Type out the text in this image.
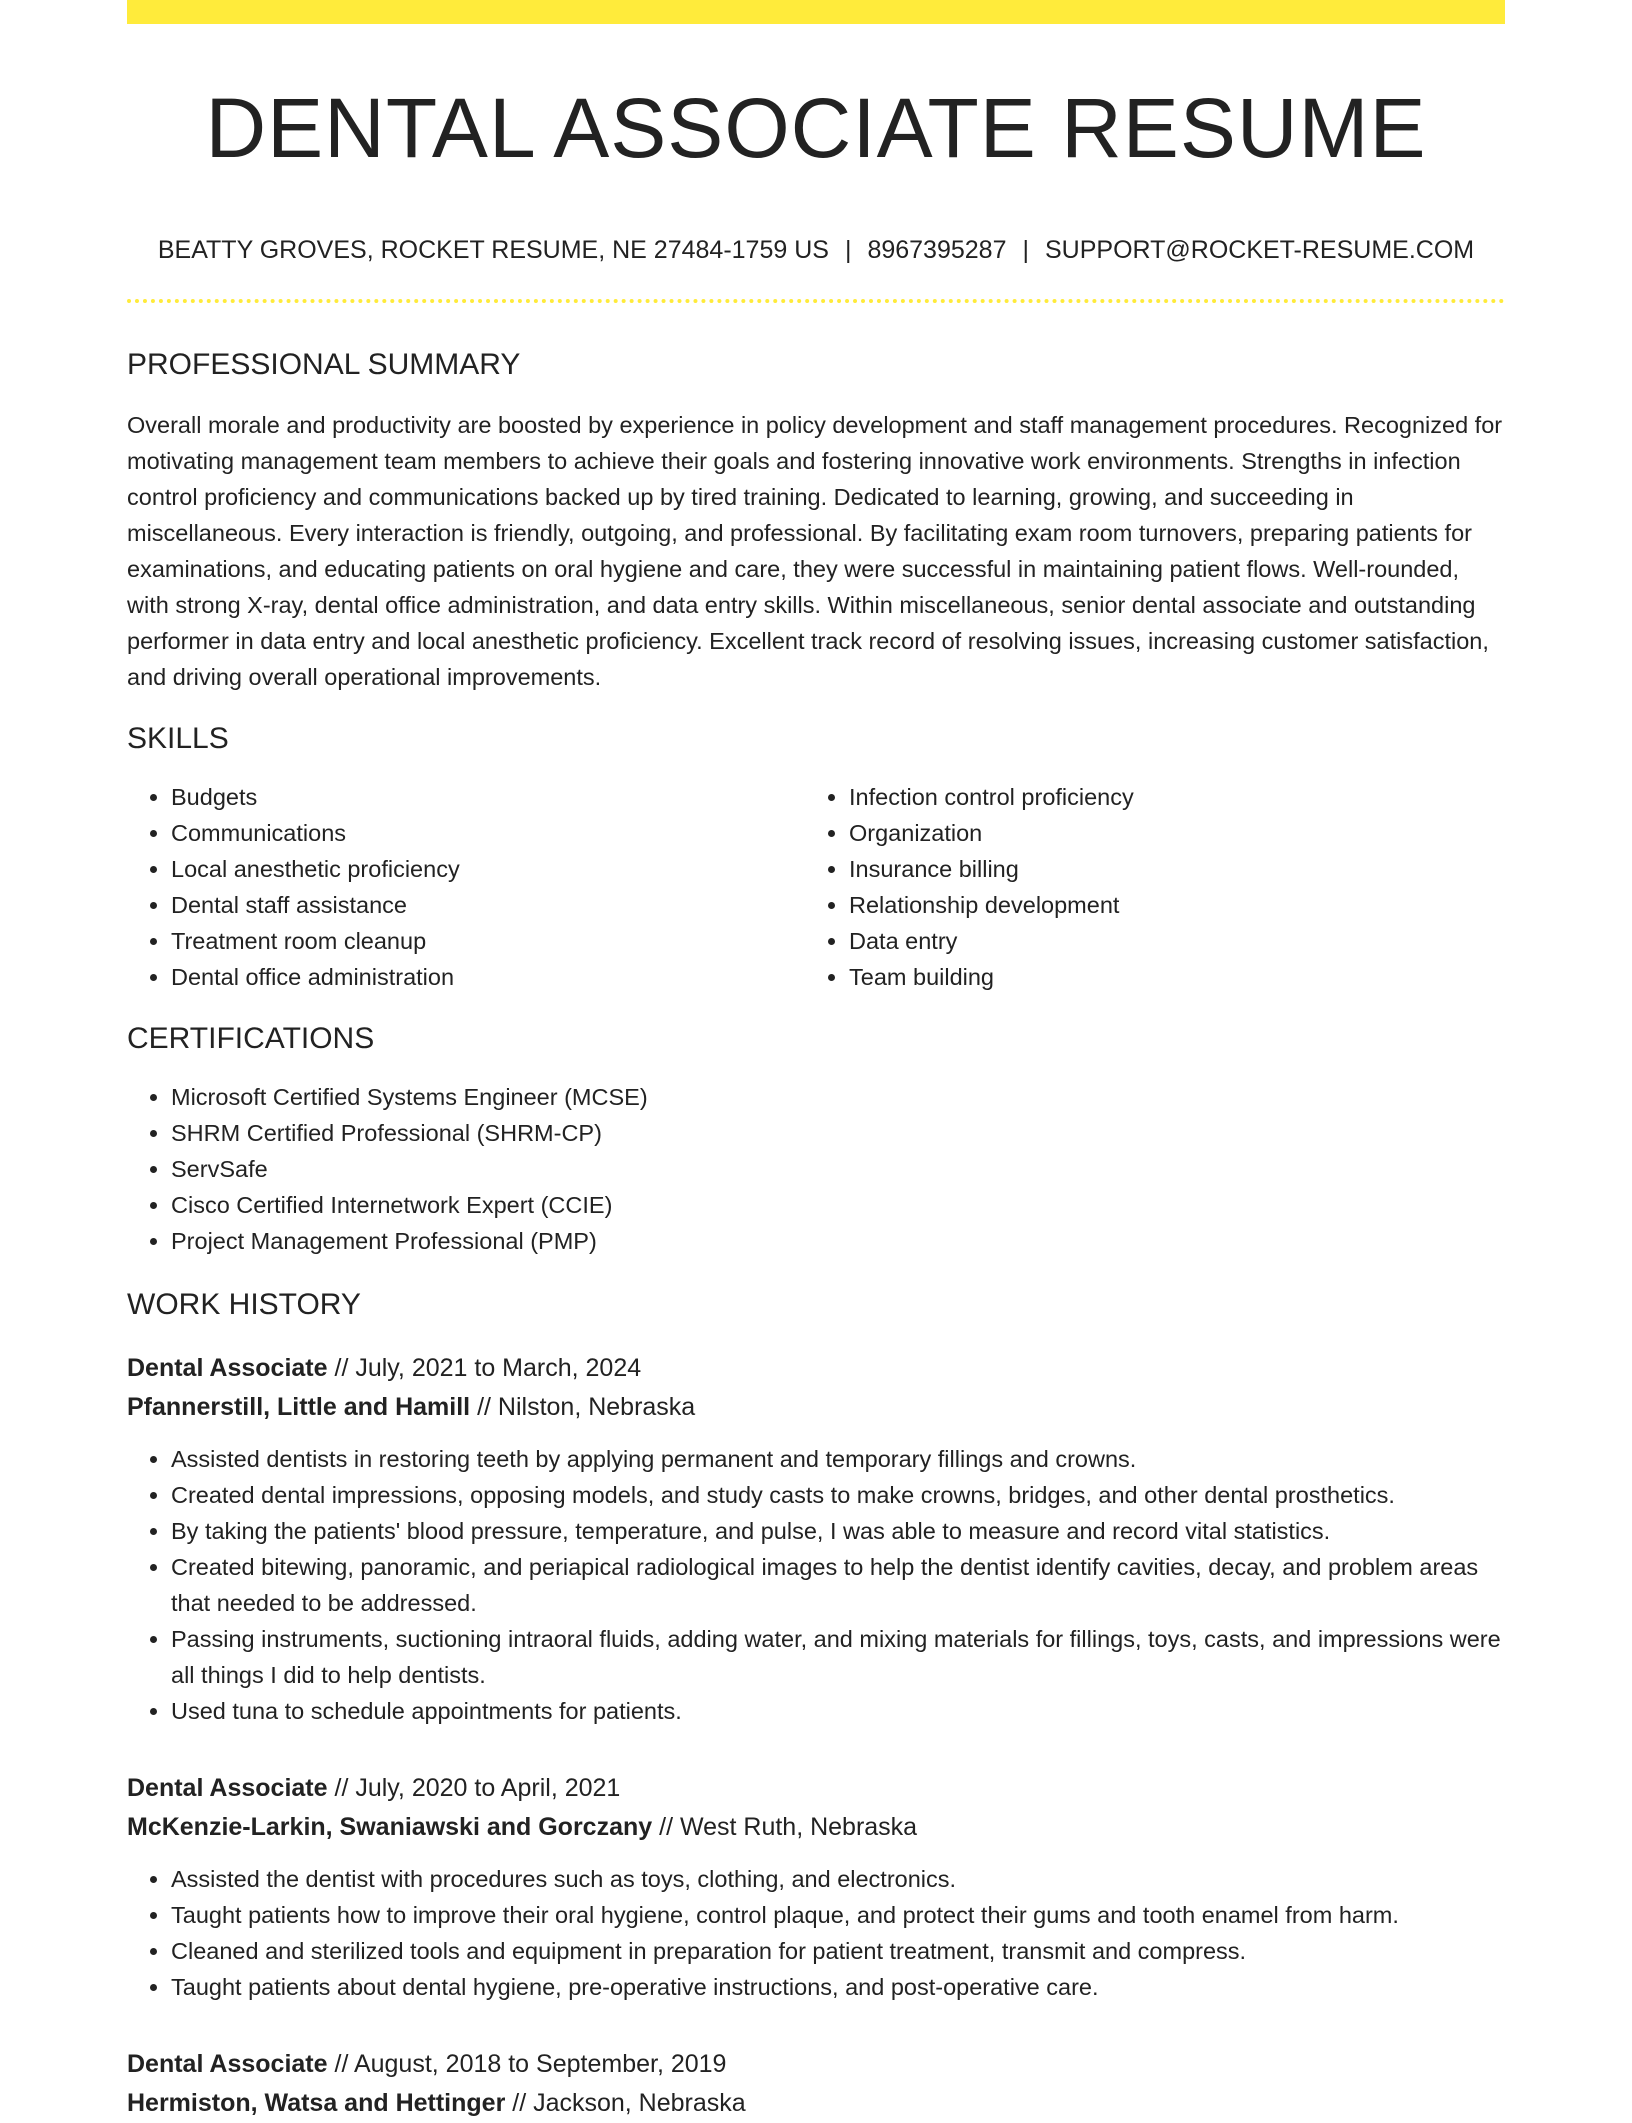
DENTAL ASSOCIATE RESUME
BEATTY GROVES, ROCKET RESUME, NE 27484-1759 US | 8967395287 | SUPPORT@ROCKET-RESUME.COM
PROFESSIONAL SUMMARY

Overall morale and productivity are boosted by experience in policy development and staff management procedures. Recognized for motivating management team members to achieve their goals and fostering innovative work environments. Strengths in infection control proficiency and communications backed up by tired training. Dedicated to learning, growing, and succeeding in miscellaneous. Every interaction is friendly, outgoing, and professional. By facilitating exam room turnovers, preparing patients for examinations, and educating patients on oral hygiene and care, they were successful in maintaining patient flows. Well-rounded, with strong X-ray, dental office administration, and data entry skills. Within miscellaneous, senior dental associate and outstanding performer in data entry and local anesthetic proficiency. Excellent track record of resolving issues, increasing customer satisfaction, and driving overall operational improvements.

SKILLS
• Budgets
• Communications
• Local anesthetic proficiency
• Dental staff assistance
• Treatment room cleanup
• Dental office administration
• Infection control proficiency
• Organization
• Insurance billing
• Relationship development
• Data entry
• Team building
CERTIFICATIONS
• Microsoft Certified Systems Engineer (MCSE)
• SHRM Certified Professional (SHRM-CP)
• ServSafe
• Cisco Certified Internetwork Expert (CCIE)
• Project Management Professional (PMP)
WORK HISTORY
Dental Associate // July, 2021 to March, 2024
Pfannerstill, Little and Hamill // Nilston, Nebraska
• Assisted dentists in restoring teeth by applying permanent and temporary fillings and crowns.
• Created dental impressions, opposing models, and study casts to make crowns, bridges, and other dental prosthetics.
• By taking the patients' blood pressure, temperature, and pulse, I was able to measure and record vital statistics.
• Created bitewing, panoramic, and periapical radiological images to help the dentist identify cavities, decay, and problem areas that needed to be addressed.
• Passing instruments, suctioning intraoral fluids, adding water, and mixing materials for fillings, toys, casts, and impressions were all things I did to help dentists.
• Used tuna to schedule appointments for patients.
Dental Associate // July, 2020 to April, 2021
McKenzie-Larkin, Swaniawski and Gorczany // West Ruth, Nebraska
• Assisted the dentist with procedures such as toys, clothing, and electronics.
• Taught patients how to improve their oral hygiene, control plaque, and protect their gums and tooth enamel from harm.
• Cleaned and sterilized tools and equipment in preparation for patient treatment, transmit and compress.
• Taught patients about dental hygiene, pre-operative instructions, and post-operative care.
Dental Associate // August, 2018 to September, 2019
Hermiston, Watsa and Hettinger // Jackson, Nebraska
